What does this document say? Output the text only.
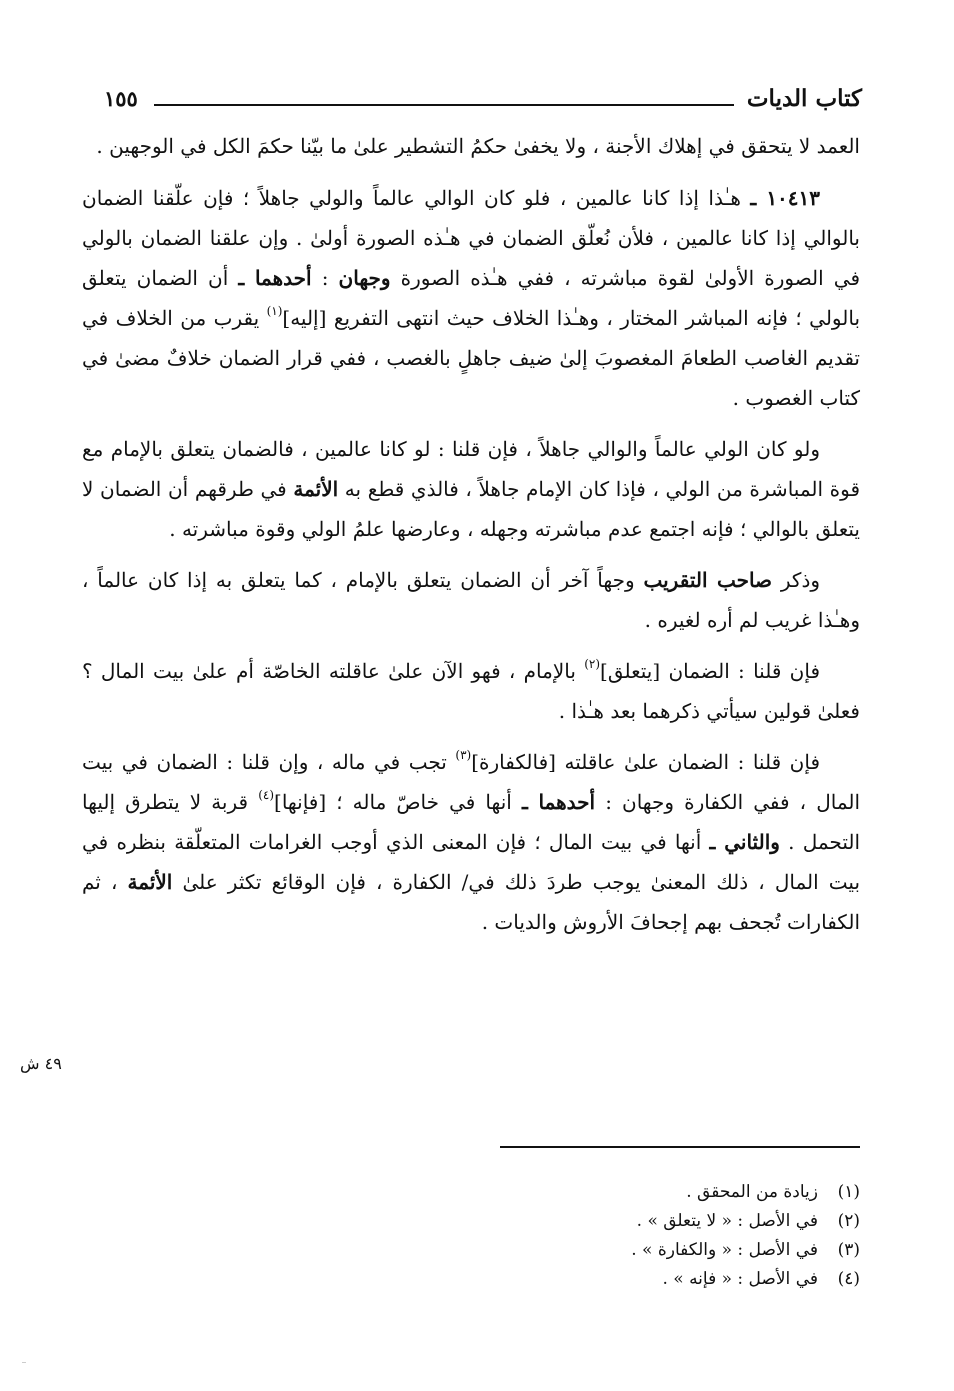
كتاب الديات
١٥٥

العمد لا يتحقق في إهلاك الأجنة ، ولا يخفىٰ حكمُ التشطير علىٰ ما بيّنا حكمَ الكل في الوجهين .

١٠٤١٣ ـ هـٰذا إذا كانا عالمين ، فلو كان الوالي عالماً والولي جاهلاً ؛ فإن علّقنا الضمان بالوالي إذا كانا عالمين ، فلأن نُعلّق الضمان في هـٰذه الصورة أولىٰ . وإن علقنا الضمان بالولي في الصورة الأولىٰ لقوة مباشرته ، ففي هـٰذه الصورة وجهان : أحدهما ـ أن الضمان يتعلق بالولي ؛ فإنه المباشر المختار ، وهـٰذا الخلاف حيث انتهى التفريع [إليه]$^{(١)}$ يقرب من الخلاف في تقديم الغاصب الطعامَ المغصوبَ إلىٰ ضيف جاهلٍ بالغصب ، ففي قرار الضمان خلافٌ مضىٰ في كتاب الغصوب .

ولو كان الولي عالماً والوالي جاهلاً ، فإن قلنا : لو كانا عالمين ، فالضمان يتعلق بالإمام مع قوة المباشرة من الولي ، فإذا كان الإمام جاهلاً ، فالذي قطع به الأئمة في طرقهم أن الضمان لا يتعلق بالوالي ؛ فإنه اجتمع عدم مباشرته وجهله ، وعارضها علمُ الولي وقوة مباشرته .

وذكر صاحب التقريب وجهاً آخر أن الضمان يتعلق بالإمام ، كما يتعلق به إذا كان عالماً ، وهـٰذا غريب لم أره لغيره .

فإن قلنا : الضمان [يتعلق]$^{(٢)}$ بالإمام ، فهو الآن علىٰ عاقلته الخاصّة أم علىٰ بيت المال ؟ فعلىٰ قولين سيأتي ذكرهما بعد هـٰذا .

فإن قلنا : الضمان علىٰ عاقلته [فالكفارة]$^{(٣)}$ تجب في ماله ، وإن قلنا : الضمان في بيت المال ، ففي الكفارة وجهان : أحدهما ـ أنها في خاصّ ماله ؛ [فإنها]$^{(٤)}$ قربة لا يتطرق إليها التحمل . والثاني ـ أنها في بيت المال ؛ فإن المعنى الذي أوجب الغرامات المتعلّقة بنظره في بيت المال ، ذلك المعنىٰ يوجب طردَ ذلك في/ الكفارة ، فإن الوقائع تكثر علىٰ الأئمة ، ثم الكفارات تُجحف بهم إجحافَ الأروش والديات .

٤٩ ش
(١)
زيادة من المحقق .
(٢)
في الأصل : « لا يتعلق » .
(٣)
في الأصل : « والكفارة » .
(٤)
في الأصل : « فإنه » .
